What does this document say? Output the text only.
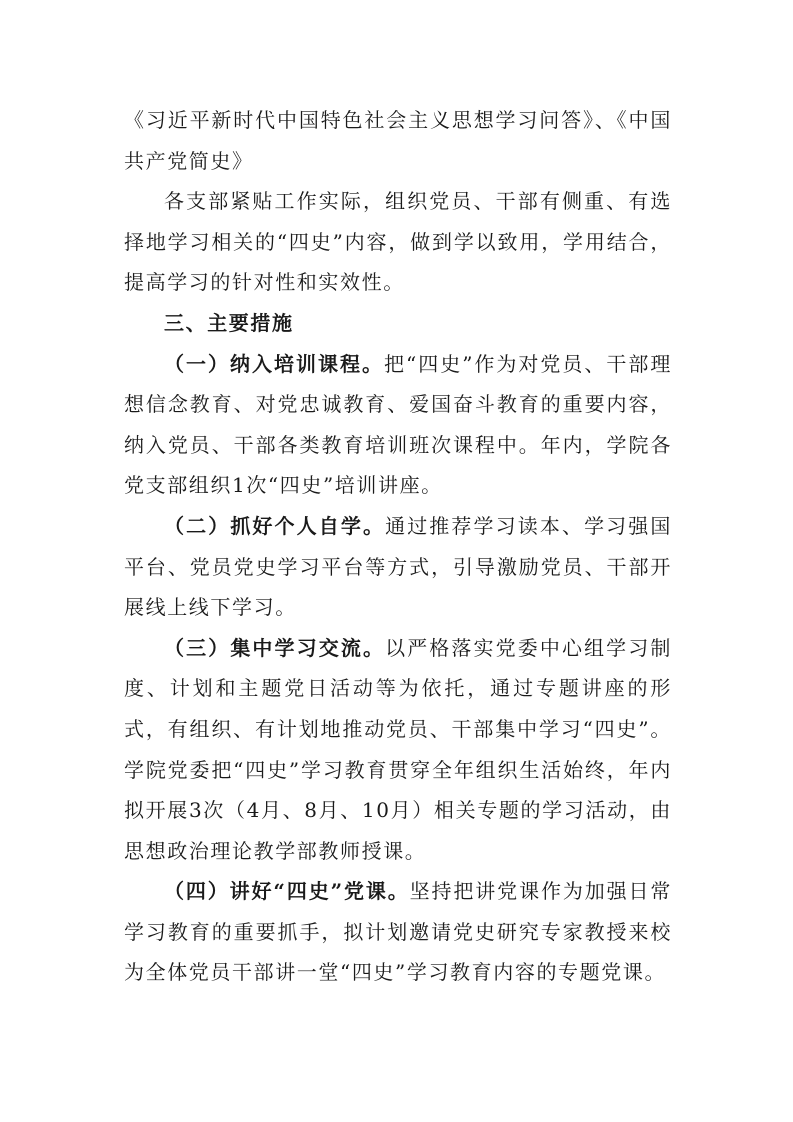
《习近平新时代中国特色社会主义思想学习问答》、《中国共产党简史》

各支部紧贴工作实际，组织党员、干部有侧重、有选择地学习相关的“四史”内容，做到学以致用，学用结合，提高学习的针对性和实效性。

三、主要措施

（一）纳入培训课程。把“四史”作为对党员、干部理想信念教育、对党忠诚教育、爱国奋斗教育的重要内容，纳入党员、干部各类教育培训班次课程中。年内，学院各党支部组织1次“四史”培训讲座。

（二）抓好个人自学。通过推荐学习读本、学习强国平台、党员党史学习平台等方式，引导激励党员、干部开展线上线下学习。

（三）集中学习交流。以严格落实党委中心组学习制度、计划和主题党日活动等为依托，通过专题讲座的形式，有组织、有计划地推动党员、干部集中学习“四史”。学院党委把“四史”学习教育贯穿全年组织生活始终，年内拟开展3次（4月、8月、10月）相关专题的学习活动，由思想政治理论教学部教师授课。

（四）讲好“四史”党课。坚持把讲党课作为加强日常学习教育的重要抓手，拟计划邀请党史研究专家教授来校为全体党员干部讲一堂“四史”学习教育内容的专题党课。
